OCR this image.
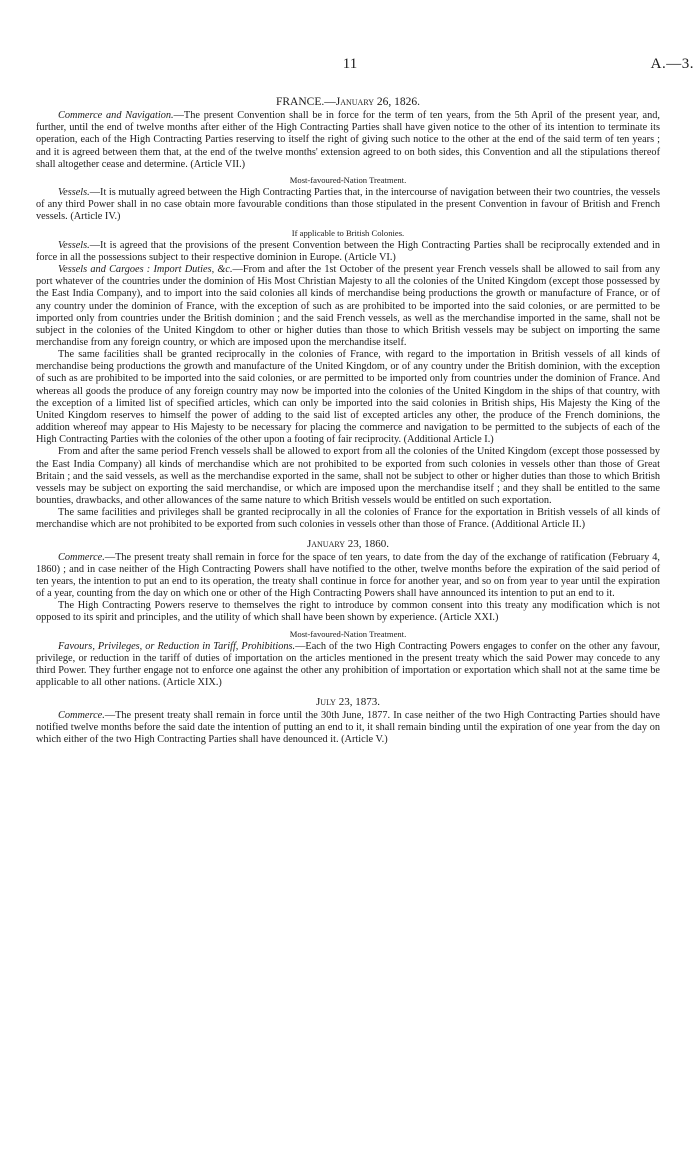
11	A.—3.

FRANCE.—January 26, 1826.

Commerce and Navigation.—The present Convention shall be in force for the term of ten years, from the 5th April of the present year, and, further, until the end of twelve months after either of the High Contracting Parties shall have given notice to the other of its intention to terminate its operation, each of the High Contracting Parties reserving to itself the right of giving such notice to the other at the end of the said term of ten years ; and it is agreed between them that, at the end of the twelve months' extension agreed to on both sides, this Convention and all the stipulations thereof shall altogether cease and determine. (Article VII.)

Most-favoured-Nation Treatment.

Vessels.—It is mutually agreed between the High Contracting Parties that, in the intercourse of navigation between their two countries, the vessels of any third Power shall in no case obtain more favourable conditions than those stipulated in the present Convention in favour of British and French vessels. (Article IV.)

If applicable to British Colonies.

Vessels.—It is agreed that the provisions of the present Convention between the High Contracting Parties shall be reciprocally extended and in force in all the possessions subject to their respective dominion in Europe. (Article VI.)

Vessels and Cargoes : Import Duties, &c.—From and after the 1st October of the present year French vessels shall be allowed to sail from any port whatever of the countries under the dominion of His Most Christian Majesty to all the colonies of the United Kingdom (except those possessed by the East India Company), and to import into the said colonies all kinds of merchandise being productions the growth or manufacture of France, or of any country under the dominion of France, with the exception of such as are prohibited to be imported into the said colonies, or are permitted to be imported only from countries under the British dominion ; and the said French vessels, as well as the merchandise imported in the same, shall not be subject in the colonies of the United Kingdom to other or higher duties than those to which British vessels may be subject on importing the same merchandise from any foreign country, or which are imposed upon the merchandise itself.

The same facilities shall be granted reciprocally in the colonies of France, with regard to the importation in British vessels of all kinds of merchandise being productions the growth and manufacture of the United Kingdom, or of any country under the British dominion, with the exception of such as are prohibited to be imported into the said colonies, or are permitted to be imported only from countries under the dominion of France. And whereas all goods the produce of any foreign country may now be imported into the colonies of the United Kingdom in the ships of that country, with the exception of a limited list of specified articles, which can only be imported into the said colonies in British ships, His Majesty the King of the United Kingdom reserves to himself the power of adding to the said list of excepted articles any other, the produce of the French dominions, the addition whereof may appear to His Majesty to be necessary for placing the commerce and navigation to be permitted to the subjects of each of the High Contracting Parties with the colonies of the other upon a footing of fair reciprocity. (Additional Article I.)

From and after the same period French vessels shall be allowed to export from all the colonies of the United Kingdom (except those possessed by the East India Company) all kinds of merchandise which are not prohibited to be exported from such colonies in vessels other than those of Great Britain ; and the said vessels, as well as the merchandise exported in the same, shall not be subject to other or higher duties than those to which British vessels may be subject on exporting the said merchandise, or which are imposed upon the merchandise itself ; and they shall be entitled to the same bounties, drawbacks, and other allowances of the same nature to which British vessels would be entitled on such exportation.

The same facilities and privileges shall be granted reciprocally in all the colonies of France for the exportation in British vessels of all kinds of merchandise which are not prohibited to be exported from such colonies in vessels other than those of France. (Additional Article II.)

January 23, 1860.

Commerce.—The present treaty shall remain in force for the space of ten years, to date from the day of the exchange of ratification (February 4, 1860) ; and in case neither of the High Contracting Powers shall have notified to the other, twelve months before the expiration of the said period of ten years, the intention to put an end to its operation, the treaty shall continue in force for another year, and so on from year to year until the expiration of a year, counting from the day on which one or other of the High Contracting Powers shall have announced its intention to put an end to it.

The High Contracting Powers reserve to themselves the right to introduce by common consent into this treaty any modification which is not opposed to its spirit and principles, and the utility of which shall have been shown by experience. (Article XXI.)

Most-favoured-Nation Treatment.

Favours, Privileges, or Reduction in Tariff, Prohibitions.—Each of the two High Contracting Powers engages to confer on the other any favour, privilege, or reduction in the tariff of duties of importation on the articles mentioned in the present treaty which the said Power may concede to any third Power. They further engage not to enforce one against the other any prohibition of importation or exportation which shall not at the same time be applicable to all other nations. (Article XIX.)

July 23, 1873.

Commerce.—The present treaty shall remain in force until the 30th June, 1877. In case neither of the two High Contracting Parties should have notified twelve months before the said date the intention of putting an end to it, it shall remain binding until the expiration of one year from the day on which either of the two High Contracting Parties shall have denounced it. (Article V.)
